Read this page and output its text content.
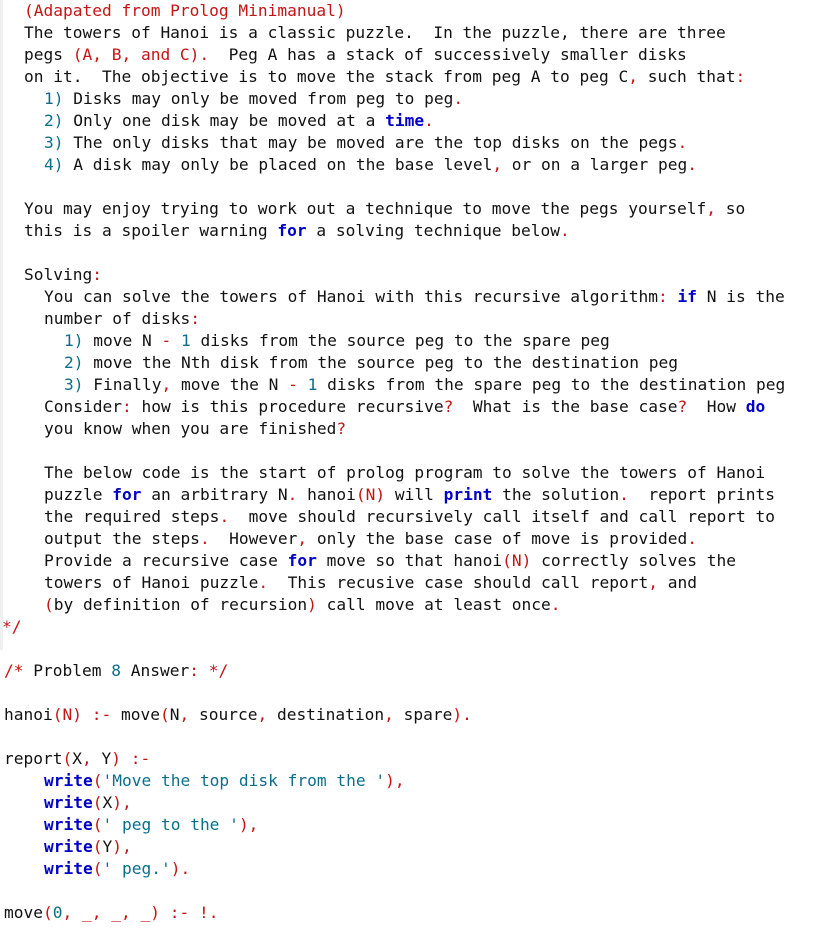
(Adapated from Prolog Minimanual)
The towers of Hanoi is a classic puzzle.  In the puzzle, there are three
pegs (A, B, and C).  Peg A has a stack of successively smaller disks
on it.  The objective is to move the stack from peg A to peg C, such that:
1) Disks may only be moved from peg to peg.
2) Only one disk may be moved at a time.
3) The only disks that may be moved are the top disks on the pegs.
4) A disk may only be placed on the base level, or on a larger peg.
You may enjoy trying to work out a technique to move the pegs yourself, so
this is a spoiler warning for a solving technique below.
Solving:
You can solve the towers of Hanoi with this recursive algorithm: if N is the
number of disks:
1) move N - 1 disks from the source peg to the spare peg
2) move the Nth disk from the source peg to the destination peg
3) Finally, move the N - 1 disks from the spare peg to the destination peg
Consider: how is this procedure recursive?  What is the base case?  How do
you know when you are finished?
The below code is the start of prolog program to solve the towers of Hanoi
puzzle for an arbitrary N. hanoi(N) will print the solution.  report prints
the required steps.  move should recursively call itself and call report to
output the steps.  However, only the base case of move is provided.
Provide a recursive case for move so that hanoi(N) correctly solves the
towers of Hanoi puzzle.  This recusive case should call report, and
(by definition of recursion) call move at least once.
*/
/* Problem 8 Answer: */
hanoi(N) :- move(N, source, destination, spare).
report(X, Y) :-
write('Move the top disk from the '),
write(X),
write(' peg to the '),
write(Y),
write(' peg.').
move(0, _, _, _) :- !.
